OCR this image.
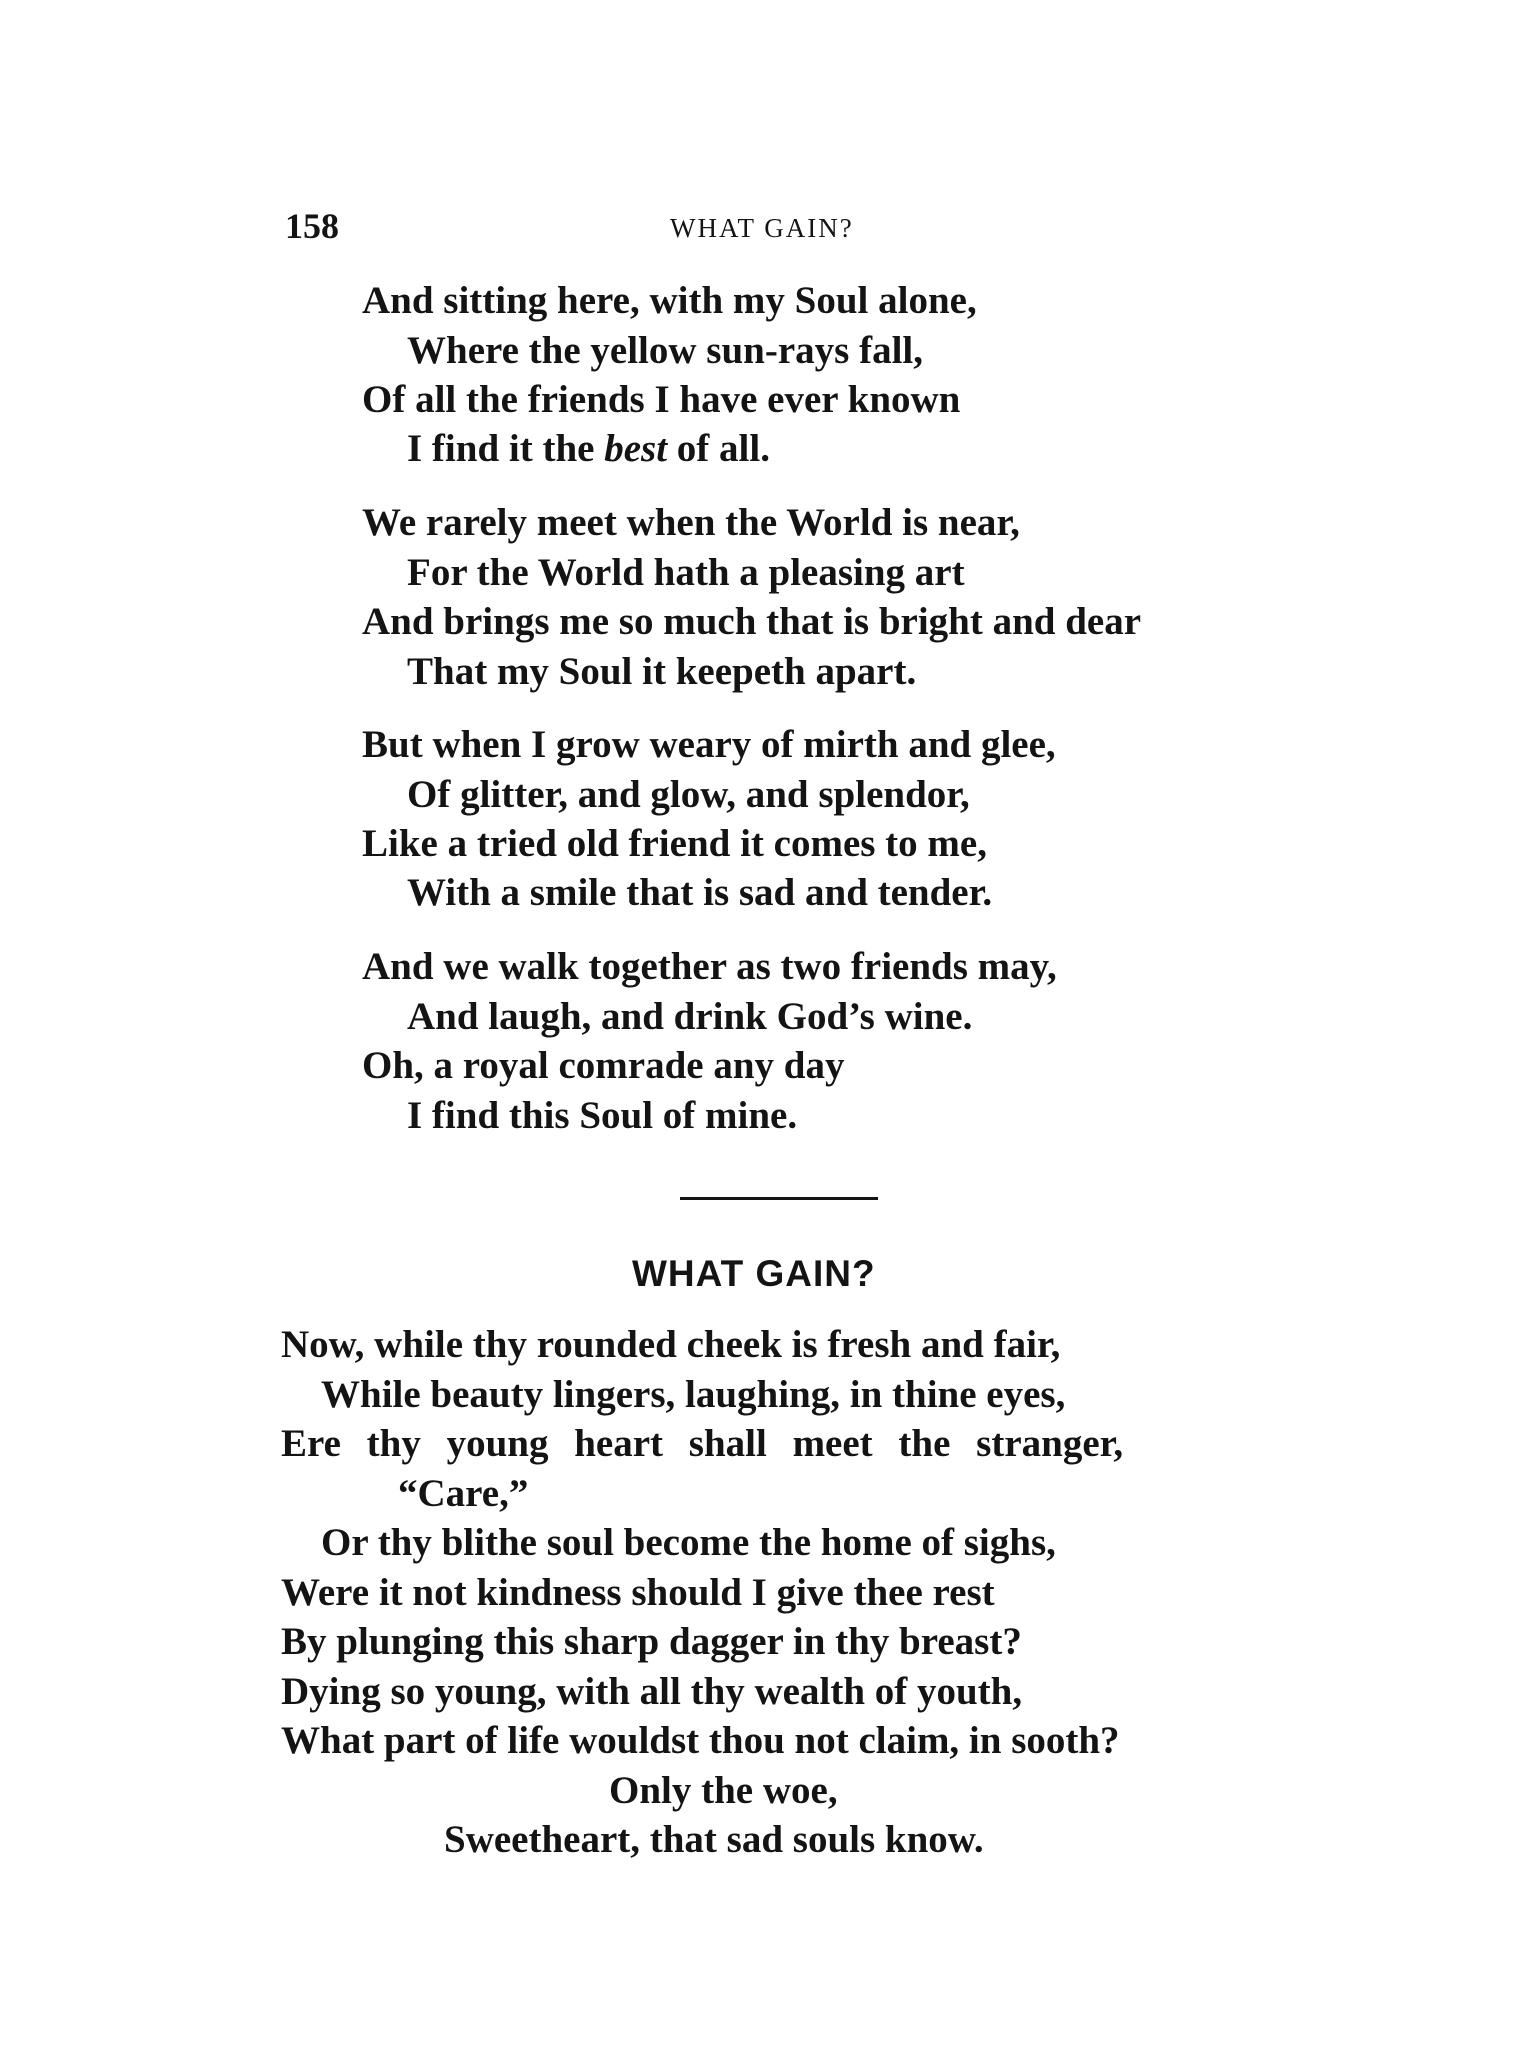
158	WHAT GAIN?
And sitting here, with my Soul alone,
Where the yellow sun-rays fall,
Of all the friends I have ever known
I find it the best of all.
We rarely meet when the World is near,
For the World hath a pleasing art
And brings me so much that is bright and dear
That my Soul it keepeth apart.
But when I grow weary of mirth and glee,
Of glitter, and glow, and splendor,
Like a tried old friend it comes to me,
With a smile that is sad and tender.
And we walk together as two friends may,
And laugh, and drink God’s wine.
Oh, a royal comrade any day
I find this Soul of mine.
WHAT GAIN?
Now, while thy rounded cheek is fresh and fair,
While beauty lingers, laughing, in thine eyes,
Ere thy young heart shall meet the stranger,
“Care,”
Or thy blithe soul become the home of sighs,
Were it not kindness should I give thee rest
By plunging this sharp dagger in thy breast?
Dying so young, with all thy wealth of youth,
What part of life wouldst thou not claim, in sooth?
Only the woe,
Sweetheart, that sad souls know.
